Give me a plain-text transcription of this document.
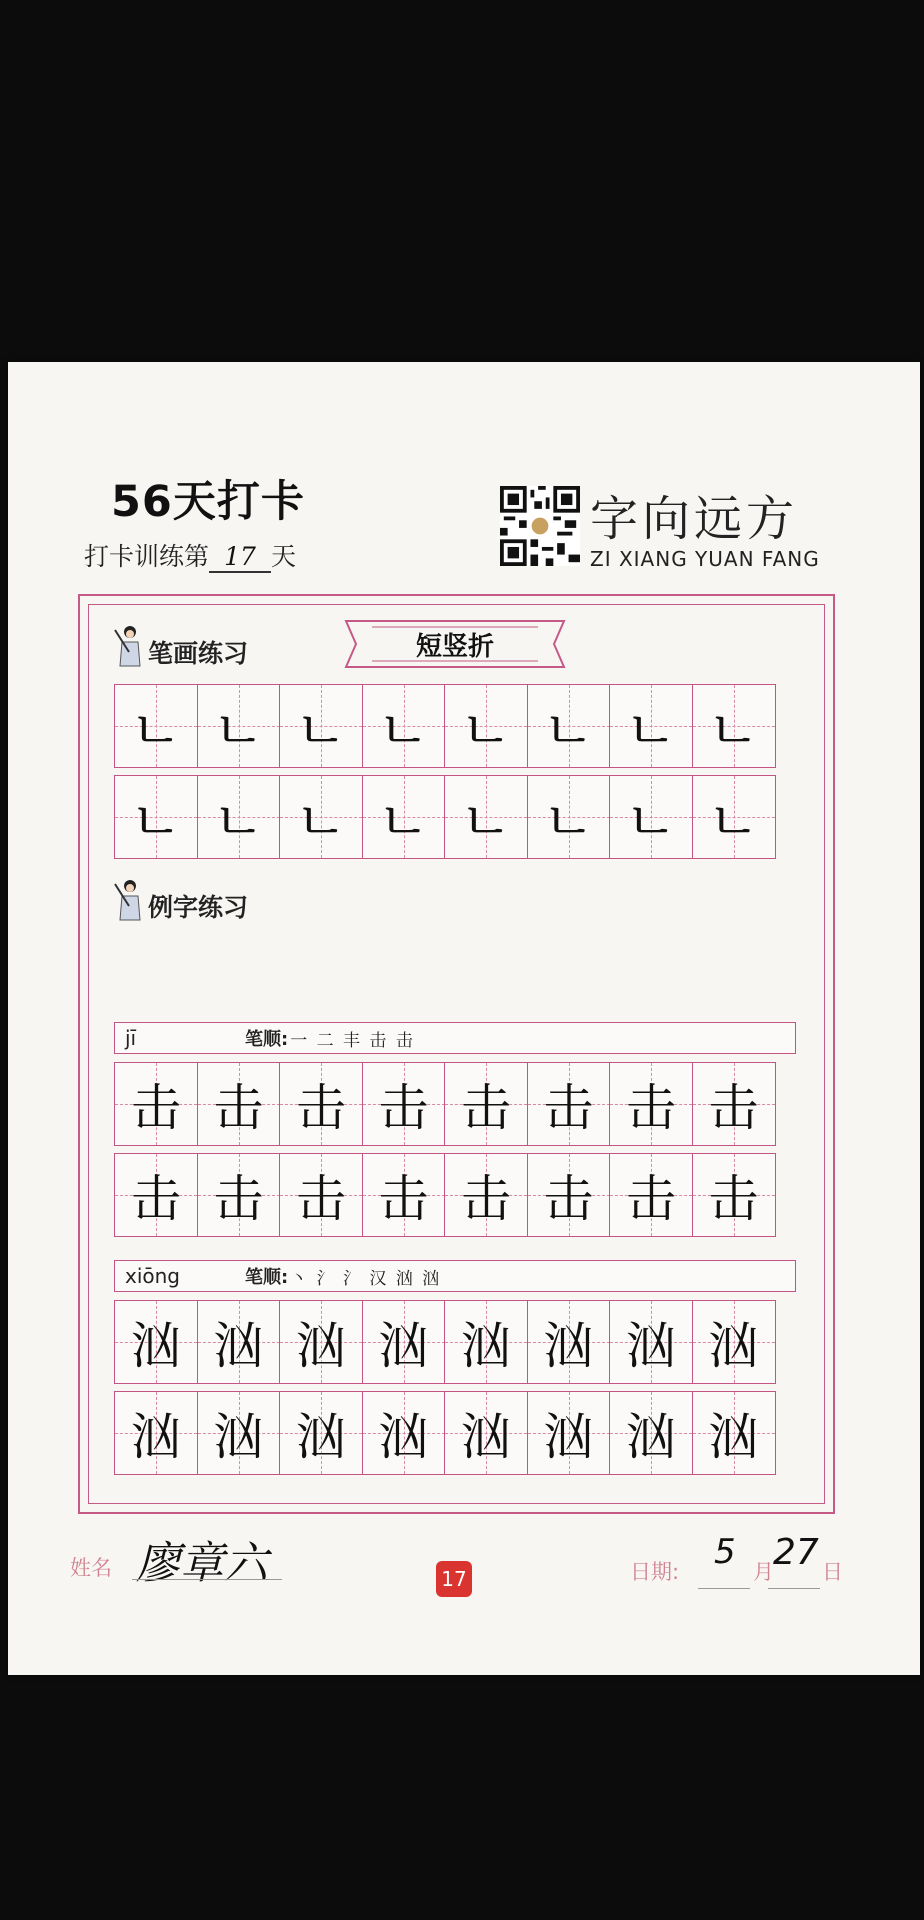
56天打卡
打卡训练第 17 天
字向远方
ZI XIANG YUAN FANG
短竖折
笔画练习
ㄴ ㄴ ㄴ ㄴ ㄴ ㄴ ㄴ ㄴ
ㄴ ㄴ ㄴ ㄴ ㄴ ㄴ ㄴ ㄴ
例字练习
jī	笔顺: 一 二 丰 击 击
击 击 击 击 击 击 击 击
击 击 击 击 击 击 击 击
xiōng	笔顺: 丶 氵 氵 汉 汹 汹
汹 汹 汹 汹 汹 汹 汹 汹
汹 汹 汹 汹 汹 汹 汹 汹
姓名 廖章六	17	日期: 5 月 27 日
